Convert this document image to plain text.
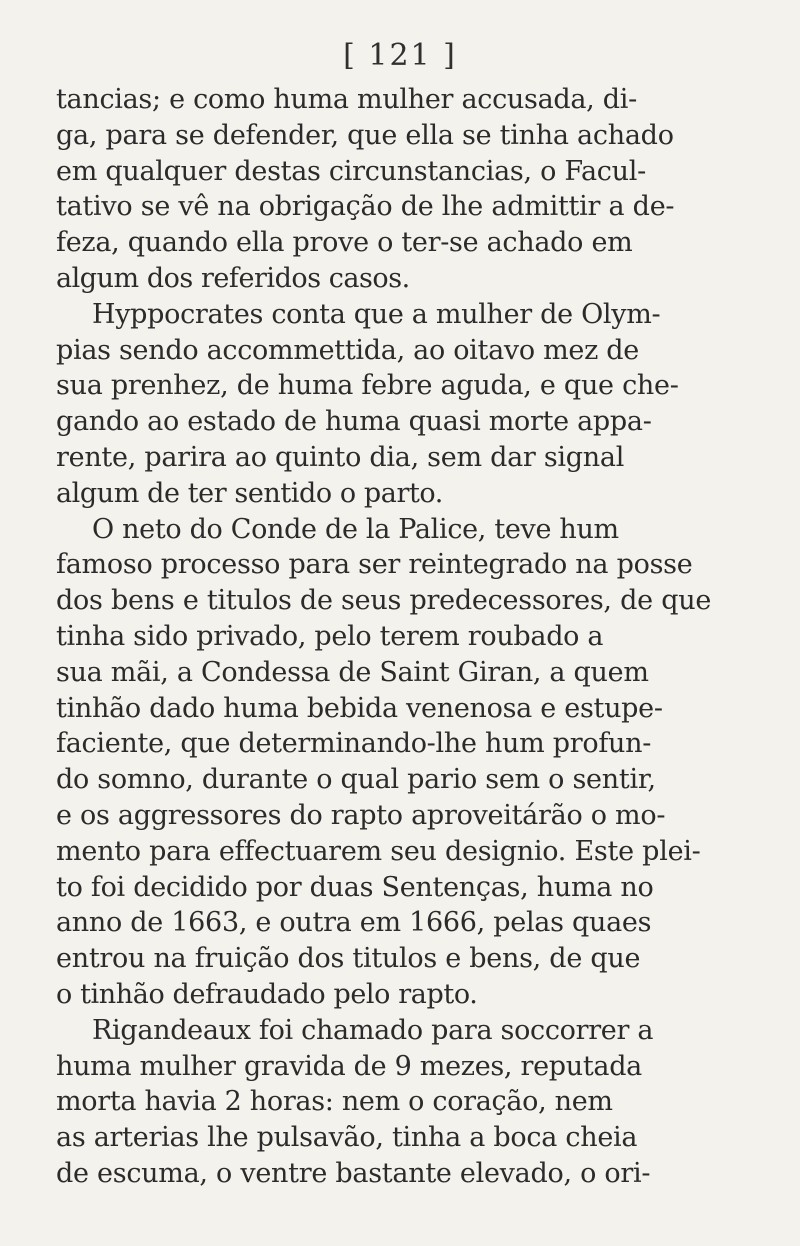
[ 121 ]
tancias; e como huma mulher accusada, di-
ga, para se defender, que ella se tinha achado
em qualquer destas circunstancias, o Facul-
tativo se vê na obrigação de lhe admittir a de-
feza, quando ella prove o ter-se achado em
algum dos referidos casos.
Hyppocrates conta que a mulher de Olym-
pias sendo accommettida, ao oitavo mez de
sua prenhez, de huma febre aguda, e que che-
gando ao estado de huma quasi morte appa-
rente, parira ao quinto dia, sem dar signal
algum de ter sentido o parto.
O neto do Conde de la Palice, teve hum
famoso processo para ser reintegrado na posse
dos bens e titulos de seus predecessores, de que
tinha sido privado, pelo terem roubado a
sua mãi, a Condessa de Saint Giran, a quem
tinhão dado huma bebida venenosa e estupe-
faciente, que determinando-lhe hum profun-
do somno, durante o qual pario sem o sentir,
e os aggressores do rapto aproveitárão o mo-
mento para effectuarem seu designio. Este plei-
to foi decidido por duas Sentenças, huma no
anno de 1663, e outra em 1666, pelas quaes
entrou na fruição dos titulos e bens, de que
o tinhão defraudado pelo rapto.
Rigandeaux foi chamado para soccorrer a
huma mulher gravida de 9 mezes, reputada
morta havia 2 horas: nem o coração, nem
as arterias lhe pulsavão, tinha a boca cheia
de escuma, o ventre bastante elevado, o ori-
